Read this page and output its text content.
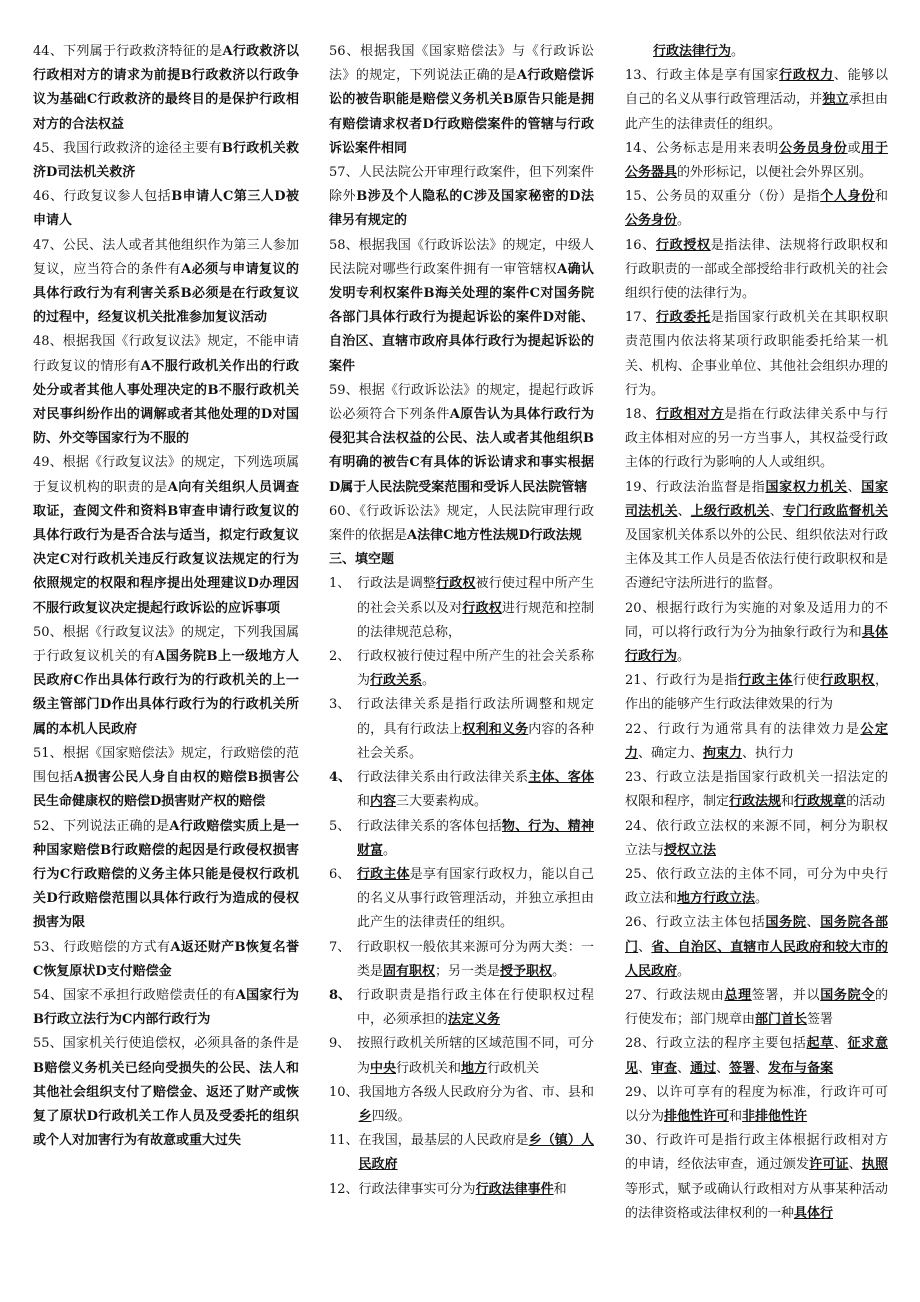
44、下列属于行政救济特征的是A行政救济以行政相对方的请求为前提B行政救济以行政争议为基础C行政救济的最终目的是保护行政相对方的合法权益

45、我国行政救济的途径主要有B行政机关救济D司法机关救济

46、行政复议参人包括B申请人C第三人D被申请人

47、公民、法人或者其他组织作为第三人参加复议，应当符合的条件有A必须与申请复议的具体行政行为有利害关系B必须是在行政复议的过程中，经复议机关批准参加复议活动

48、根据我国《行政复议法》规定，不能申请行政复议的情形有A不服行政机关作出的行政处分或者其他人事处理决定的B不服行政机关对民事纠纷作出的调解或者其他处理的D对国防、外交等国家行为不服的

49、根据《行政复议法》的规定，下列选项属于复议机构的职责的是A向有关组织人员调查取证，查阅文件和资料B审查申请行政复议的具体行政行为是否合法与适当，拟定行政复议决定C对行政机关违反行政复议法规定的行为依照规定的权限和程序提出处理建议D办理因不服行政复议决定提起行政诉讼的应诉事项

50、根据《行政复议法》的规定，下列我国属于行政复议机关的有A国务院B上一级地方人民政府C作出具体行政行为的行政机关的上一级主管部门D作出具体行政行为的行政机关所属的本机人民政府

51、根据《国家赔偿法》规定，行政赔偿的范围包括A损害公民人身自由权的赔偿B损害公民生命健康权的赔偿D损害财产权的赔偿

52、下列说法正确的是A行政赔偿实质上是一种国家赔偿B行政赔偿的起因是行政侵权损害行为C行政赔偿的义务主体只能是侵权行政机关D行政赔偿范围以具体行政行为造成的侵权损害为限

53、行政赔偿的方式有A返还财产B恢复名誉C恢复原状D支付赔偿金

54、国家不承担行政赔偿责任的有A国家行为B行政立法行为C内部行政行为

55、国家机关行使追偿权，必须具备的条件是B赔偿义务机关已经向受损失的公民、法人和其他社会组织支付了赔偿金、返还了财产或恢复了原状D行政机关工作人员及受委托的组织或个人对加害行为有故意或重大过失

56、根据我国《国家赔偿法》与《行政诉讼法》的规定，下列说法正确的是A行政赔偿诉讼的被告职能是赔偿义务机关B原告只能是拥有赔偿请求权者D行政赔偿案件的管辖与行政诉讼案件相同

57、人民法院公开审理行政案件，但下列案件除外B涉及个人隐私的C涉及国家秘密的D法律另有规定的

58、根据我国《行政诉讼法》的规定，中级人民法院对哪些行政案件拥有一审管辖权A确认发明专利权案件B海关处理的案件C对国务院各部门具体行政行为提起诉讼的案件D对能、自治区、直辖市政府具体行政行为提起诉讼的案件

59、根据《行政诉讼法》的规定，提起行政诉讼必须符合下列条件A原告认为具体行政行为侵犯其合法权益的公民、法人或者其他组织B有明确的被告C有具体的诉讼请求和事实根据D属于人民法院受案范围和受诉人民法院管辖

60、《行政诉讼法》规定，人民法院审理行政案件的依据是A法律C地方性法规D行政法规

三、填空题

1、 行政法是调整行政权被行使过程中所产生的社会关系以及对行政权进行规范和控制的法律规范总称，
2、 行政权被行使过程中所产生的社会关系称为行政关系。
3、 行政法律关系是指行政法所调整和规定的，具有行政法上权利和义务内容的各种社会关系。
4、 行政法律关系由行政法律关系主体、客体和内容三大要素构成。
5、 行政法律关系的客体包括物、行为、精神财富。
6、 行政主体是享有国家行政权力，能以自己的名义从事行政管理活动，并独立承担由此产生的法律责任的组织。
7、 行政职权一般依其来源可分为两大类：一类是固有职权；另一类是授予职权。
8、 行政职责是指行政主体在行使职权过程中，必须承担的法定义务
9、 按照行政机关所辖的区域范围不同，可分为中央行政机关和地方行政机关
10、 我国地方各级人民政府分为省、市、县和乡四级。
11、 在我国，最基层的人民政府是乡（镇）人民政府
12、 行政法律事实可分为行政法律事件和

行政法律行为。

13、行政主体是享有国家行政权力、能够以自己的名义从事行政管理活动，并独立承担由此产生的法律责任的组织。

14、公务标志是用来表明公务员身份或用于公务器具的外形标记，以便社会外界区别。

15、公务员的双重分（份）是指个人身份和公务身份。

16、行政授权是指法律、法规将行政职权和行政职责的一部或全部授给非行政机关的社会组织行使的法律行为。

17、行政委托是指国家行政机关在其职权职责范围内依法将某项行政职能委托给某一机关、机构、企事业单位、其他社会组织办理的行为。

18、行政相对方是指在行政法律关系中与行政主体相对应的另一方当事人，其权益受行政主体的行政行为影响的人人或组织。

19、行政法治监督是指国家权力机关、国家司法机关、上级行政机关、专门行政监督机关及国家机关体系以外的公民、组织依法对行政主体及其工作人员是否依法行使行政职权和是否遵纪守法所进行的监督。

20、根据行政行为实施的对象及适用力的不同，可以将行政行为分为抽象行政行为和具体行政行为。

21、行政行为是指行政主体行使行政职权，作出的能够产生行政法律效果的行为

22、行政行为通常具有的法律效力是公定力、确定力、拘束力、执行力

23、行政立法是指国家行政机关一招法定的权限和程序，制定行政法规和行政规章的活动

24、依行政立法权的来源不同，柯分为职权立法与授权立法

25、依行政立法的主体不同，可分为中央行政立法和地方行政立法。

26、行政立法主体包括国务院、国务院各部门、省、自治区、直辖市人民政府和较大市的人民政府。

27、行政法规由总理签署，并以国务院令的行使发布；部门规章由部门首长签署

28、行政立法的程序主要包括起草、征求意见、审查、通过、签署、发布与备案

29、以许可享有的程度为标准，行政许可可以分为排他性许可和非排他性许

30、行政许可是指行政主体根据行政相对方的申请，经依法审查，通过颁发许可证、执照等形式，赋予或确认行政相对方从事某种活动的法律资格或法律权利的一种具体行
